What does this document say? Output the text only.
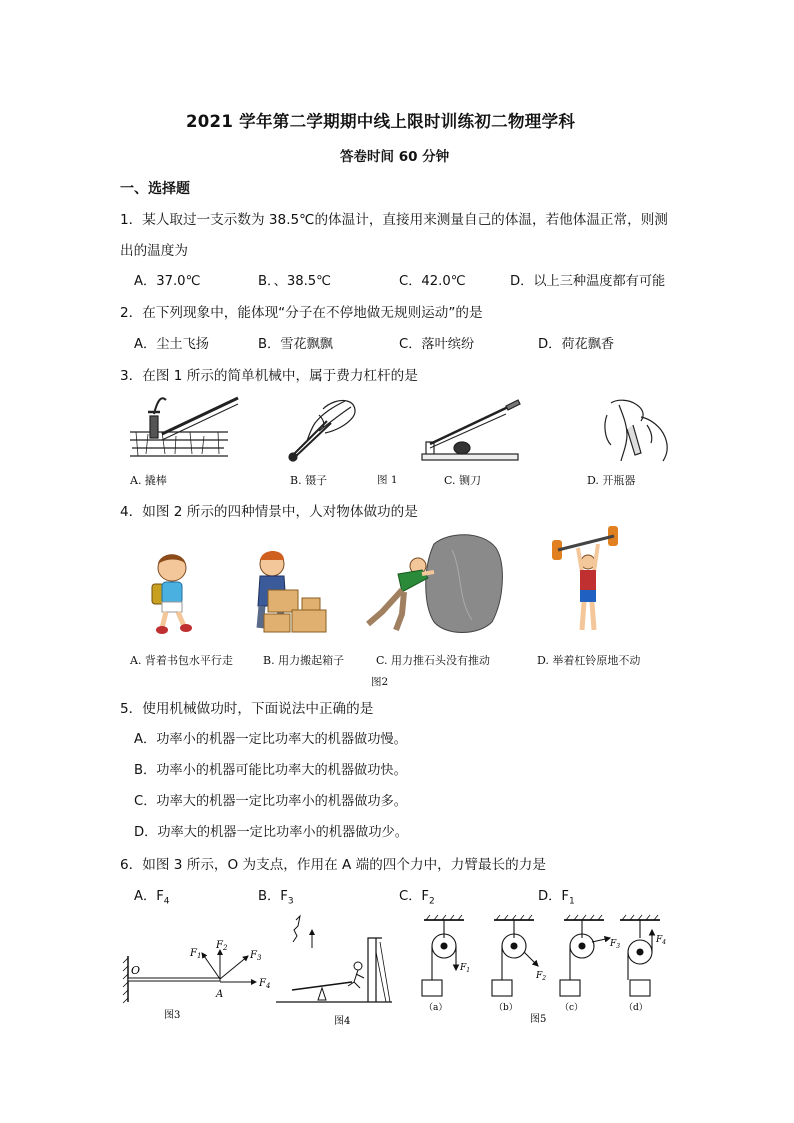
2021 学年第二学期期中线上限时训练初二物理学科
答卷时间 60 分钟
一、选择题
1．某人取过一支示数为 38.5℃的体温计，直接用来测量自己的体温，若他体温正常，则测
出的温度为
A．37.0℃	B．、38.5℃	C．42.0℃	D．以上三种温度都有可能
2．在下列现象中，能体现“分子在不停地做无规则运动”的是
A．尘土飞扬	B．雪花飘飘	C．落叶缤纷	D．荷花飘香
3．在图 1 所示的简单机械中，属于费力杠杆的是
A. 撬棒	B. 镊子	图 1	C. 铡刀	D. 开瓶器
4．如图 2 所示的四种情景中，人对物体做功的是
A. 背着书包水平行走	B. 用力搬起箱子	C. 用力推石头没有推动	D. 举着杠铃原地不动
图2
5．使用机械做功时，下面说法中正确的是
A．功率小的机器一定比功率大的机器做功慢。
B．功率小的机器可能比功率大的机器做功快。
C．功率大的机器一定比功率小的机器做功多。
D．功率大的机器一定比功率小的机器做功少。
6．如图 3 所示，O 为支点，作用在 A 端的四个力中，力臂最长的力是
A．$F_4$	B．$F_3$	C．$F_2$	D．$F_1$
O
A
$F_1$
$F_2$
$F_3$
$F_4$
图3
图4
$F_1$
$F_2$
$F_3$
$F_4$
（a）	（b）	（c）	（d）
图5
